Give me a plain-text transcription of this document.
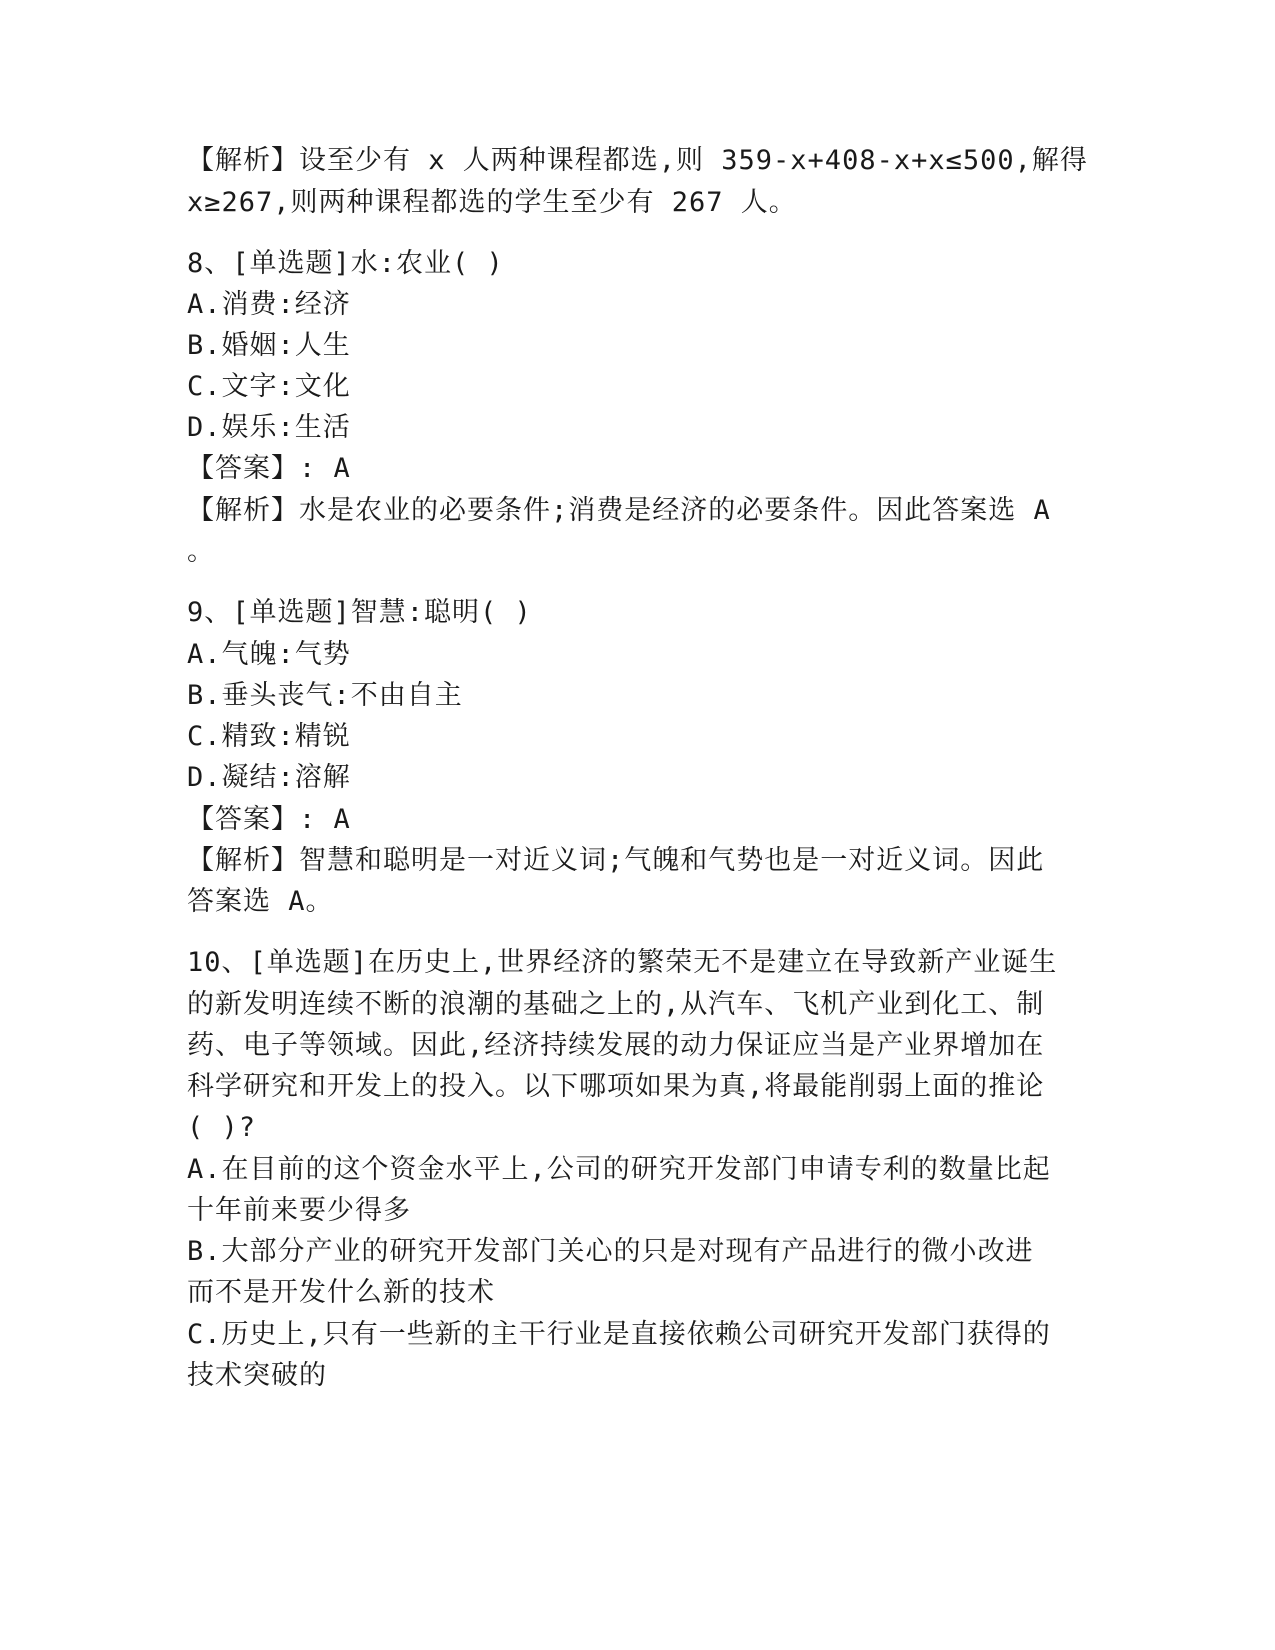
【解析】设至少有 x 人两种课程都选,则 359-x+408-x+x≤500,解得
x≥267,则两种课程都选的学生至少有 267 人。
8、[单选题]水:农业( )
A.消费:经济
B.婚姻:人生
C.文字:文化
D.娱乐:生活
【答案】: A
【解析】水是农业的必要条件;消费是经济的必要条件。因此答案选 A
。
9、[单选题]智慧:聪明( )
A.气魄:气势
B.垂头丧气:不由自主
C.精致:精锐
D.凝结:溶解
【答案】: A
【解析】智慧和聪明是一对近义词;气魄和气势也是一对近义词。因此
答案选 A。
10、[单选题]在历史上,世界经济的繁荣无不是建立在导致新产业诞生
的新发明连续不断的浪潮的基础之上的,从汽车、飞机产业到化工、制
药、电子等领域。因此,经济持续发展的动力保证应当是产业界增加在
科学研究和开发上的投入。以下哪项如果为真,将最能削弱上面的推论
( )?
A.在目前的这个资金水平上,公司的研究开发部门申请专利的数量比起
十年前来要少得多
B.大部分产业的研究开发部门关心的只是对现有产品进行的微小改进
而不是开发什么新的技术
C.历史上,只有一些新的主干行业是直接依赖公司研究开发部门获得的
技术突破的
